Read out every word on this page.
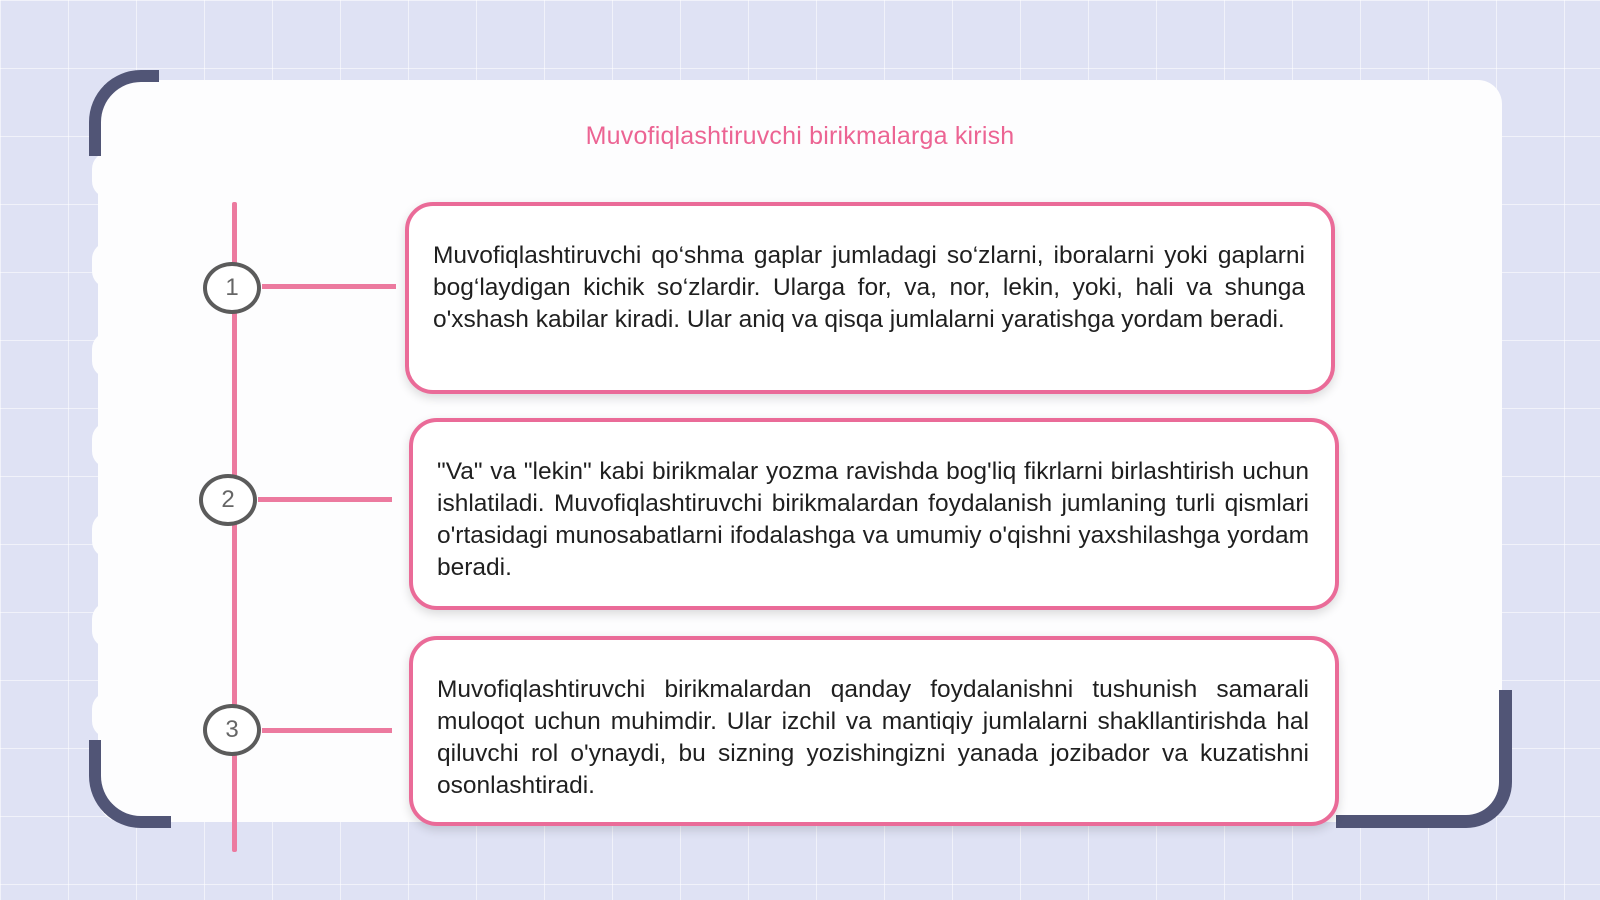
Muvofiqlashtiruvchi birikmalarga kirish
1
2
3

Muvofiqlashtiruvchi qo‘shma gaplar jumladagi so‘zlarni, iboralarni yoki gaplarni bog‘laydigan kichik so‘zlardir. Ularga for, va, nor, lekin, yoki, hali va shunga o'xshash kabilar kiradi. Ular aniq va qisqa jumlalarni yaratishga yordam beradi.

"Va" va "lekin" kabi birikmalar yozma ravishda bog'liq fikrlarni birlashtirish uchun ishlatiladi. Muvofiqlashtiruvchi birikmalardan foydalanish jumlaning turli qismlari o'rtasidagi munosabatlarni ifodalashga va umumiy o'qishni yaxshilashga yordam beradi.

Muvofiqlashtiruvchi birikmalardan qanday foydalanishni tushunish samarali muloqot uchun muhimdir. Ular izchil va mantiqiy jumlalarni shakllantirishda hal qiluvchi rol o'ynaydi, bu sizning yozishingizni yanada jozibador va kuzatishni osonlashtiradi.
